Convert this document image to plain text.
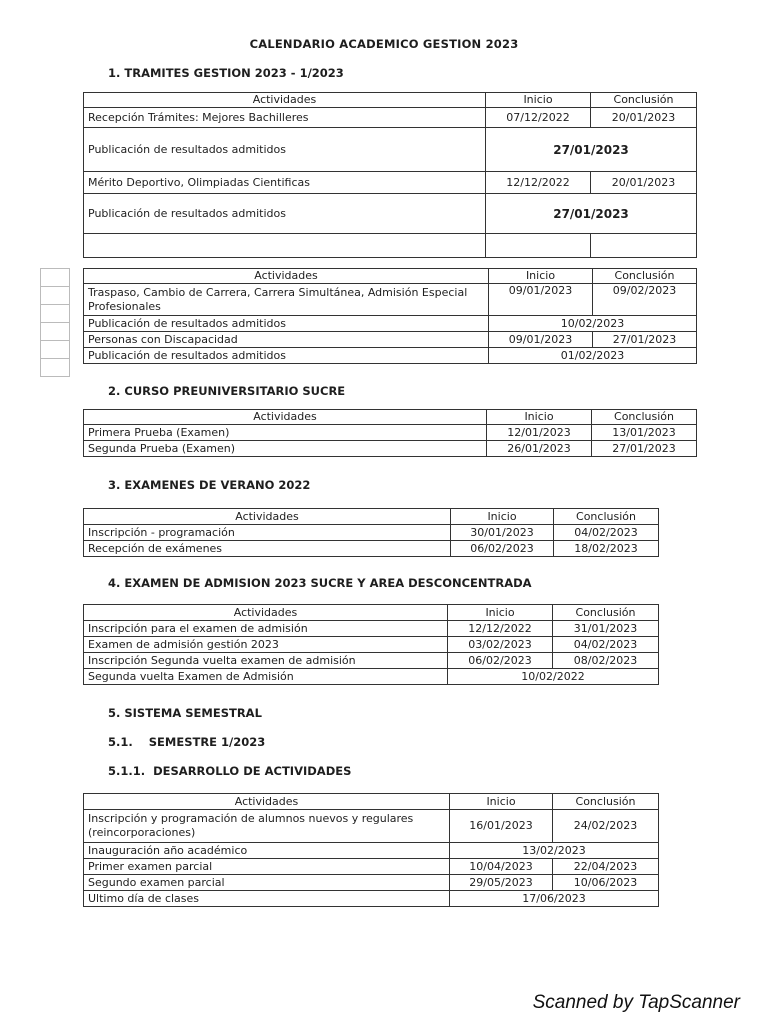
CALENDARIO ACADEMICO GESTION 2023
1. TRAMITES GESTION 2023 - 1/2023
Actividades	Inicio	Conclusión
Recepción Trámites: Mejores Bachilleres	07/12/2022	20/01/2023
Publicación de resultados admitidos	27/01/2023	
Mérito Deportivo, Olimpiadas Cientificas	12/12/2022	20/01/2023
Publicación de resultados admitidos	27/01/2023	

Actividades	Inicio	Conclusión
Traspaso, Cambio de Carrera, Carrera Simultánea, Admisión Especial Profesionales	09/01/2023	09/02/2023
Publicación de resultados admitidos	10/02/2023	
Personas con Discapacidad	09/01/2023	27/01/2023
Publicación de resultados admitidos	01/02/2023	
2. CURSO PREUNIVERSITARIO SUCRE
Actividades	Inicio	Conclusión
Primera Prueba (Examen)	12/01/2023	13/01/2023
Segunda Prueba (Examen)	26/01/2023	27/01/2023
3. EXAMENES DE VERANO 2022
Actividades	Inicio	Conclusión
Inscripción - programación	30/01/2023	04/02/2023
Recepción de exámenes	06/02/2023	18/02/2023
4. EXAMEN DE ADMISION 2023 SUCRE Y AREA DESCONCENTRADA
Actividades	Inicio	Conclusión
Inscripción para el examen de admisión	12/12/2022	31/01/2023
Examen de admisión gestión 2023	03/02/2023	04/02/2023
Inscripción Segunda vuelta examen de admisión	06/02/2023	08/02/2023
Segunda vuelta Examen de Admisión	10/02/2022	
5. SISTEMA SEMESTRAL
5.1.    SEMESTRE 1/2023
5.1.1.  DESARROLLO DE ACTIVIDADES
Actividades	Inicio	Conclusión
Inscripción y programación de alumnos nuevos y regulares (reincorporaciones)	16/01/2023	24/02/2023
Inauguración año académico	13/02/2023	
Primer examen parcial	10/04/2023	22/04/2023
Segundo examen parcial	29/05/2023	10/06/2023
Ultimo día de clases	17/06/2023	
Scanned by TapScanner
